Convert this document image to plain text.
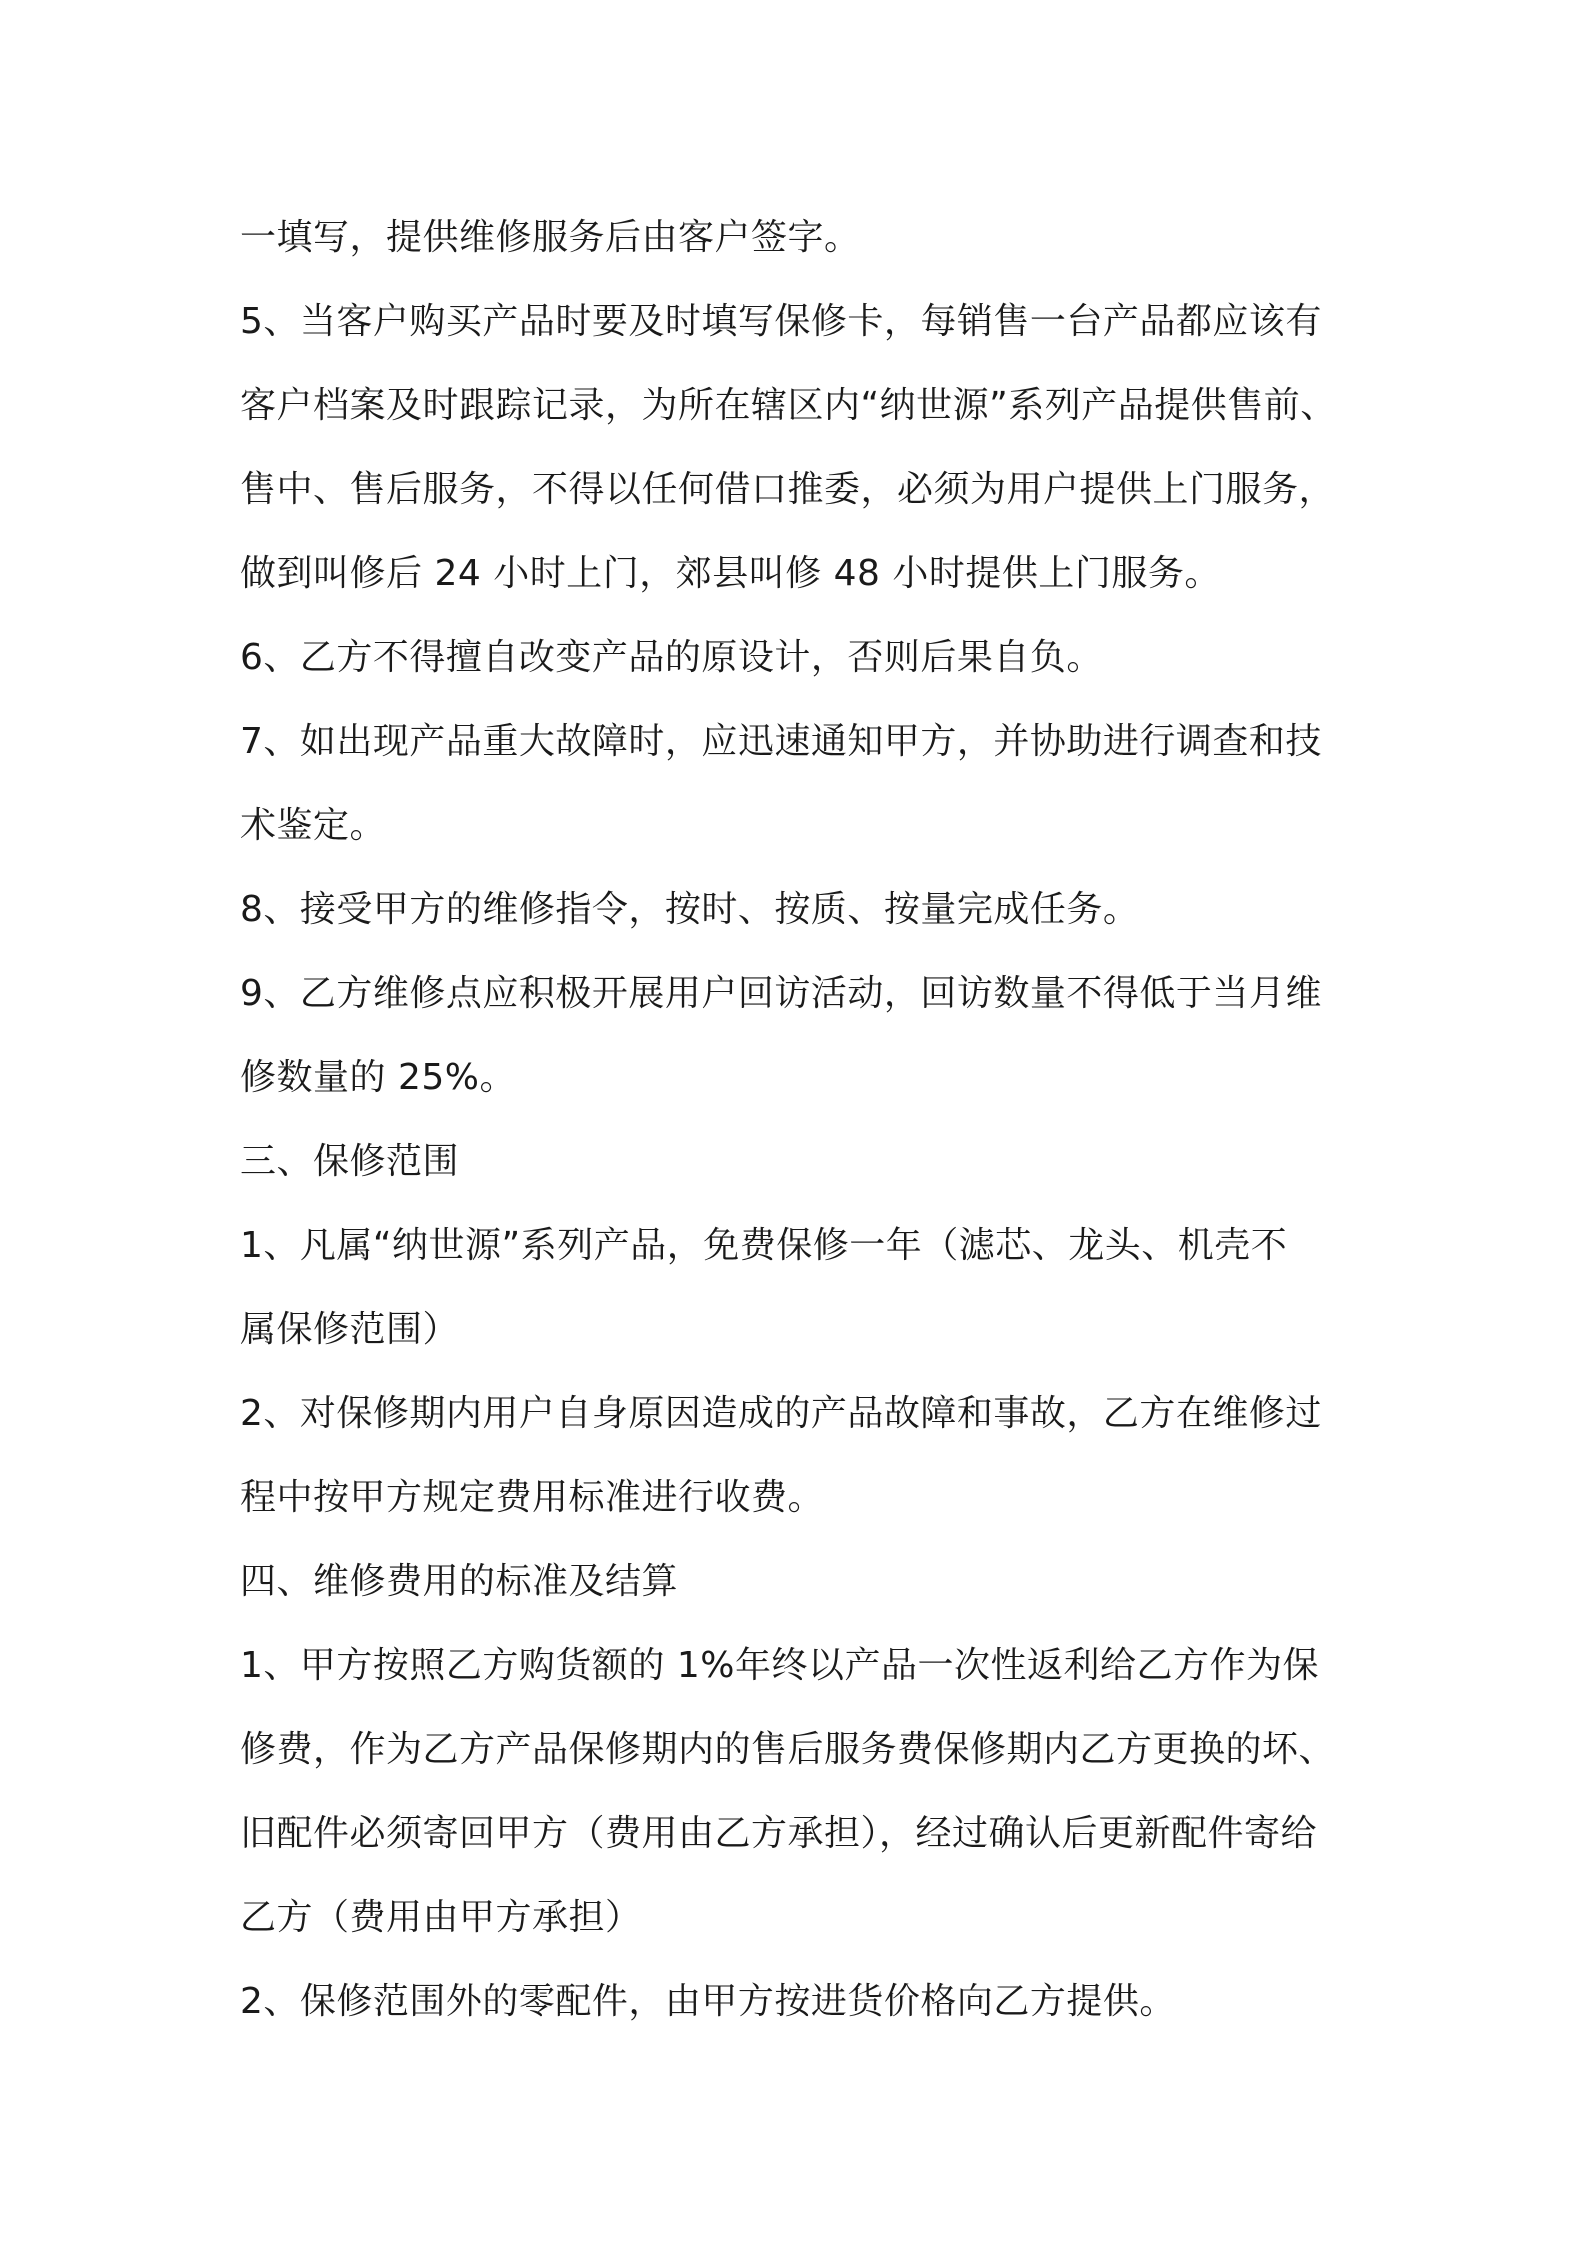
一填写，提供维修服务后由客户签字。
5、当客户购买产品时要及时填写保修卡，每销售一台产品都应该有
客户档案及时跟踪记录，为所在辖区内“纳世源”系列产品提供售前、
售中、售后服务，不得以任何借口推委，必须为用户提供上门服务，
做到叫修后 24 小时上门，郊县叫修 48 小时提供上门服务。
6、乙方不得擅自改变产品的原设计，否则后果自负。
7、如出现产品重大故障时，应迅速通知甲方，并协助进行调查和技
术鉴定。
8、接受甲方的维修指令，按时、按质、按量完成任务。
9、乙方维修点应积极开展用户回访活动，回访数量不得低于当月维
修数量的 25%。
三、保修范围
1、凡属“纳世源”系列产品，免费保修一年（滤芯、龙头、机壳不
属保修范围）
2、对保修期内用户自身原因造成的产品故障和事故，乙方在维修过
程中按甲方规定费用标准进行收费。
四、维修费用的标准及结算
1、甲方按照乙方购货额的 1%年终以产品一次性返利给乙方作为保
修费，作为乙方产品保修期内的售后服务费保修期内乙方更换的坏、
旧配件必须寄回甲方（费用由乙方承担），经过确认后更新配件寄给
乙方（费用由甲方承担）
2、保修范围外的零配件，由甲方按进货价格向乙方提供。
